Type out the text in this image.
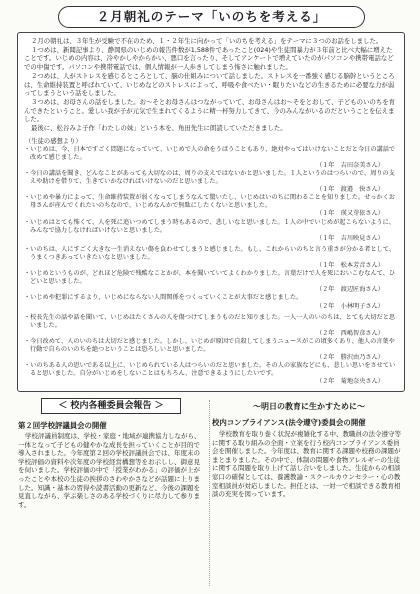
２月朝礼のテーマ「いのちを考える」

２月の朝礼は、３年生が受験で不在のため、１・２年生に向かって「いのちを考える」をテーマに３つのお話をしました。

１つめは、新聞記事より、静岡県のいじめの報告件数が1,588件であったこと(024)や生徒間暴力が３年前と比べ大幅に増えたことです。いじめの内容は、冷やかしやからかい、悪口を言ったり、そしてアンケートで増えていたのがパソコンや携帯電話などでの中傷です。パソコンや携帯電話では、個人情報が一人歩きしてしまう怖さに触れました。

２つめは、人がストレスを感じるところとして、脳の仕組みについて話しました。ストレスを一番強く感じる脳幹というところは、生命維持装置と呼ばれていて、いじめなどのストレスによって、呼吸や食べたい・眠りたいなどの生きるために必要な力が弱ってしまうという話をしました。

３つめは、お母さんの話をしました。お～そとお母さんはつながっていて、お母さんはお～そをとおして、子どものいのちを育んできたということ。愛しい我が子が元気で生まれてくるように精一杯努力してきて、今のみんながいるのだということを伝えました。

最後に、松谷みよ子作「わたしの妹」という本を、角田先生に朗読していただきました。

（生徒の感想より）

・いじめは、今、日本ですごく問題になっていて、いじめで人の命をうばうこともあり、絶対やってはいけないことだと今日の講話で改めて感じました。

（１年　吉田奈美さん）

・今日の講話を聞き、どんなことがあっても大切なのは、周りの支えではないかと思いました。１人というのはつらいので、周りの支えや助けを借りて、生きていかなければいけないのだと思いました。

（１年　渡邉　快さん）

・いじめや暴力によって、生命維持装置が弱くなってしまうなんて驚いたし、いじめはいのちに関わることを知りました。せっかくお母さんが産んでくれたいのちなので、いじめなんかで無駄にしたくないと思いました。

（１年　瑛又芽依さん）

・いじめはとても怖くて、人を死に追いつめてしまう時もあるので、悲しいなと思いました。１人の中でいじめが起こらないように、みんなで協力しなければいけないと思いました。

（１年　吉川映見さん）

・いのちは、人にすごく大きな一生消えない傷を負わせてしまうと感じました。もし、これからいのちと言う重さが分かる者として、うまくつきあっていきたいなと思いました。

（１年　松本芳音さん）

・いじめというものが、どれほど危険で残酷なことかが、本を聞いていてよくわかりました。言葉だけで人を死においこむなんて、ひどいと思いました。

（２年　渡辺匠海さん）

・いじめや犯罪にするより、いじめにならない人間関係をつくっていくことが大事だと感じました。

（２年　小林明子さん）

・校長先生の話や話を聞いて、いじめはたくさんの人を傷つけてしまうものだと知りました。一人一人のいのちは、とても大切だと思いました。

（２年　西嶋智彦さん）

・今日改めて、人のいのちは大切だと感じました。しかし、いじめが原因で自殺してしまうニュースがこの頃多くあり、他人の言葉や行動で自らのいのちを絶つということは恐ろしいと思いました。

（２年　勝沢由乃さん）

・いのちある人の思いである以上に、いじめられている人はつらいのだと思いました。その人の家族などにも、悲しい思いをさせていると思いました。自分がいじめをしないことはもちろん、注意できるようにしたいです。

（２年　菊地奈央さん）

＜ 校内各種委員会報告 ＞
第２回学校評議員会の開催

学校評議員制度は、学校・家庭・地域が連携協力しながら、一体となって子どもの健やかな成長を担っていくことが目的で導入されました。今年度第２回の学校評議員会では、年度末の学校評価の資料や次年度の学校経営構想等をお示しし、御意見を伺いました。学校評価の中で「授業がわかる」の評価が上がったことや本校の生徒の挨拶のさわやかさなどが話題に上りました。知識・基本の習得や読書活動の更新など、今後の課題を見直しながら、学ぶ楽しさのある学校づくりに尽力して参ります。

～明日の教育に生かすために～
校内コンプライアンス(法令遵守)委員会の開催

学校教育を取り巻く状況が複雑化する中、教職員の法令遵守等に関する取り組みの全面・立案を行う校内コンプライアンス委員会を開催しました。今年度は、教育に関する課題や校務の課題がまとまりました。その中で、体制の問題や食物アレルギーの生徒に関する問題を取り上げて話し合いをしました。生徒からの相談窓口の確保としては、養護教諭・スクールカウンセラー・心の教室相談員が対応しました。担任とは、一対一で相談できる教育相談の充実を図っています。
